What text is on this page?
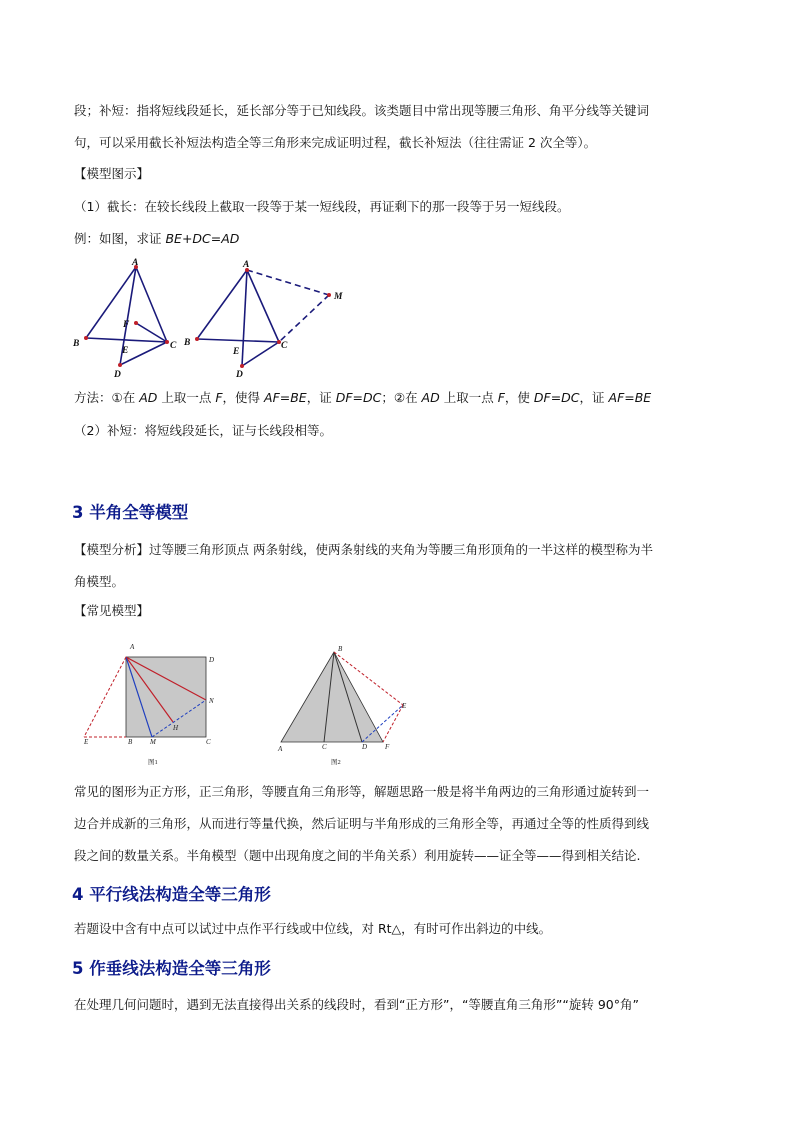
段；补短：指将短线段延长，延长部分等于已知线段。该类题目中常出现等腰三角形、角平分线等关键词
句，可以采用截长补短法构造全等三角形来完成证明过程，截长补短法（往往需证 2 次全等）。
【模型图示】
（1）截长：在较长线段上截取一段等于某一短线段，再证剩下的那一段等于另一短线段。
例：如图，求证 BE+DC=AD
A
B	C
D
E
F
A
B	C
D
E
M
方法：①在 AD 上取一点 F，使得 AF=BE，证 DF=DC；②在 AD 上取一点 F，使 DF=DC，证 AF=BE
（2）补短：将短线段延长，证与长线段相等。
3 半角全等模型
【模型分析】过等腰三角形顶点 两条射线，使两条射线的夹角为等腰三角形顶角的一半这样的模型称为半
角模型。
【常见模型】
A
D
N
H
E	B	M	C
图1
B
E
A	C	D	F
图2
常见的图形为正方形，正三角形，等腰直角三角形等，解题思路一般是将半角两边的三角形通过旋转到一
边合并成新的三角形，从而进行等量代换，然后证明与半角形成的三角形全等，再通过全等的性质得到线
段之间的数量关系。半角模型（题中出现角度之间的半角关系）利用旋转——证全等——得到相关结论.
4 平行线法构造全等三角形
若题设中含有中点可以试过中点作平行线或中位线，对 Rt△，有时可作出斜边的中线。
5 作垂线法构造全等三角形
在处理几何问题时，遇到无法直接得出关系的线段时，看到“正方形”，“等腰直角三角形”“旋转 90°角”
